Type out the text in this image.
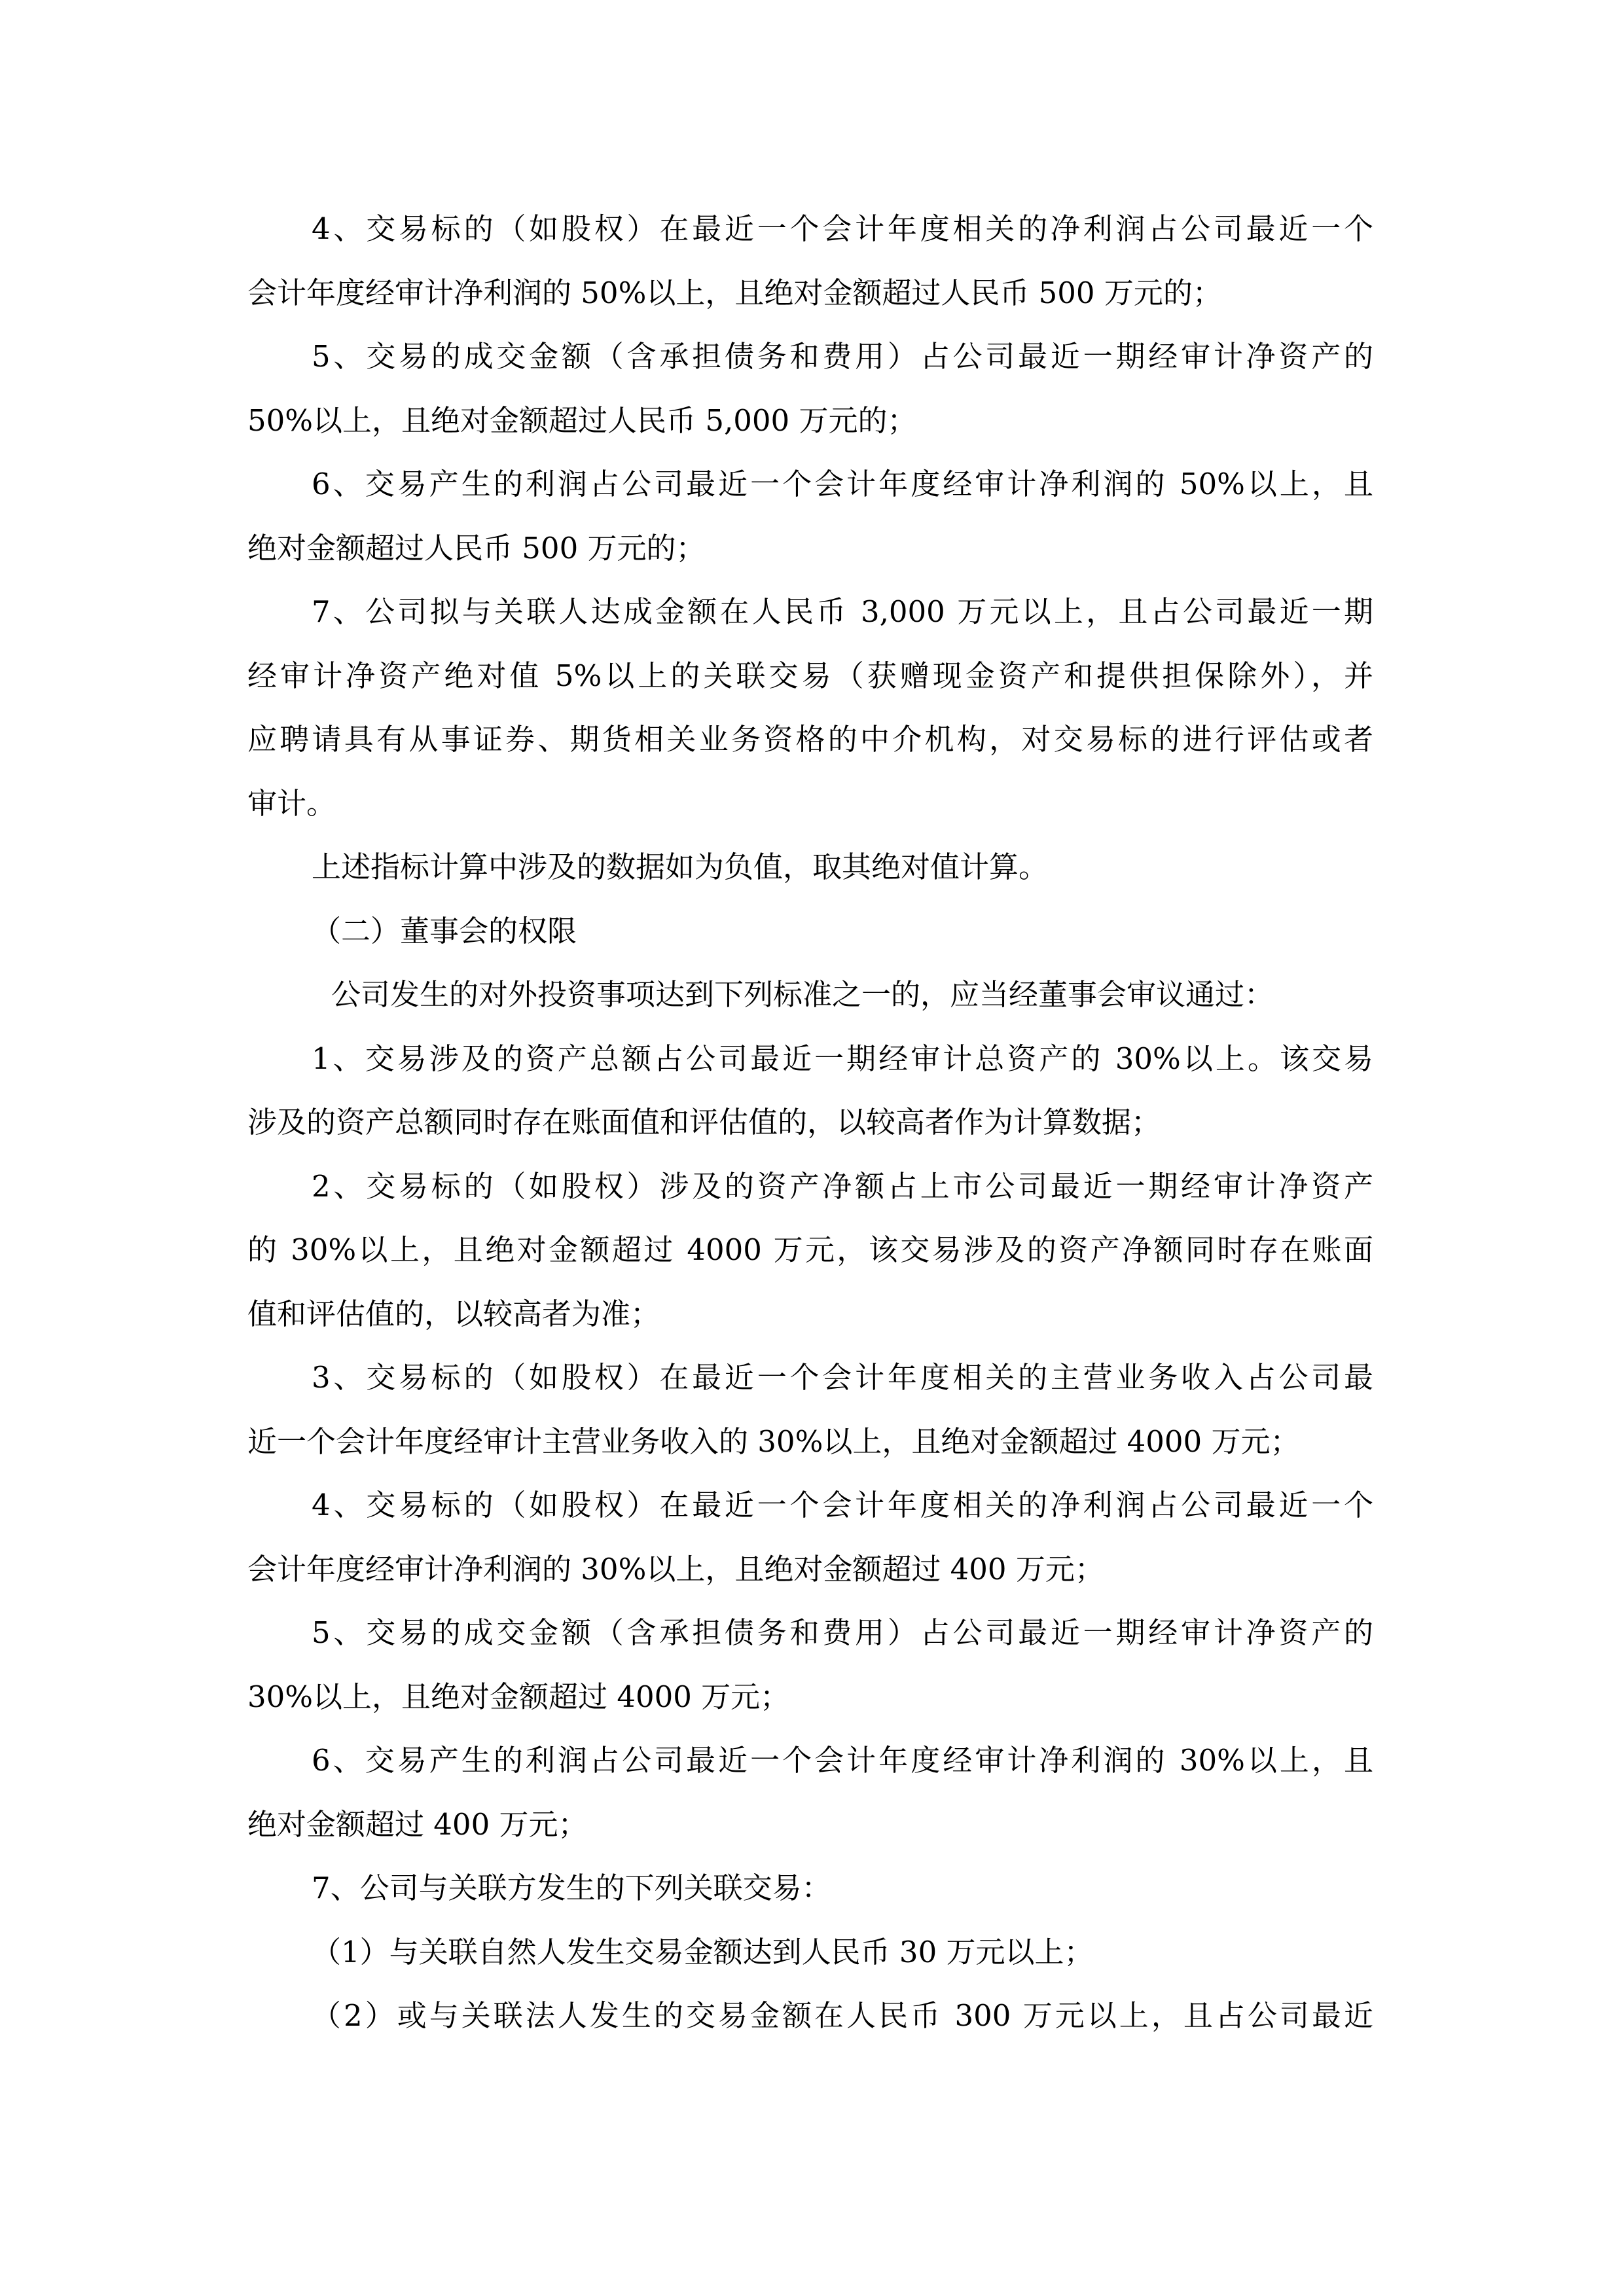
4、交易标的（如股权）在最近一个会计年度相关的净利润占公司最近一个
会计年度经审计净利润的 50%以上，且绝对金额超过人民币 500 万元的；
5、交易的成交金额（含承担债务和费用）占公司最近一期经审计净资产的
50%以上，且绝对金额超过人民币 5,000 万元的；
6、交易产生的利润占公司最近一个会计年度经审计净利润的 50%以上，且
绝对金额超过人民币 500 万元的；
7、公司拟与关联人达成金额在人民币 3,000 万元以上，且占公司最近一期
经审计净资产绝对值 5%以上的关联交易（获赠现金资产和提供担保除外），并
应聘请具有从事证券、期货相关业务资格的中介机构，对交易标的进行评估或者
审计。
上述指标计算中涉及的数据如为负值，取其绝对值计算。
（二）董事会的权限
公司发生的对外投资事项达到下列标准之一的，应当经董事会审议通过：
1、交易涉及的资产总额占公司最近一期经审计总资产的 30%以上。该交易
涉及的资产总额同时存在账面值和评估值的，以较高者作为计算数据；
2、交易标的（如股权）涉及的资产净额占上市公司最近一期经审计净资产
的 30%以上，且绝对金额超过 4000 万元，该交易涉及的资产净额同时存在账面
值和评估值的，以较高者为准；
3、交易标的（如股权）在最近一个会计年度相关的主营业务收入占公司最
近一个会计年度经审计主营业务收入的 30%以上，且绝对金额超过 4000 万元；
4、交易标的（如股权）在最近一个会计年度相关的净利润占公司最近一个
会计年度经审计净利润的 30%以上，且绝对金额超过 400 万元；
5、交易的成交金额（含承担债务和费用）占公司最近一期经审计净资产的
30%以上，且绝对金额超过 4000 万元；
6、交易产生的利润占公司最近一个会计年度经审计净利润的 30%以上，且
绝对金额超过 400 万元；
7、公司与关联方发生的下列关联交易：
（1）与关联自然人发生交易金额达到人民币 30 万元以上；
（2）或与关联法人发生的交易金额在人民币 300 万元以上，且占公司最近
